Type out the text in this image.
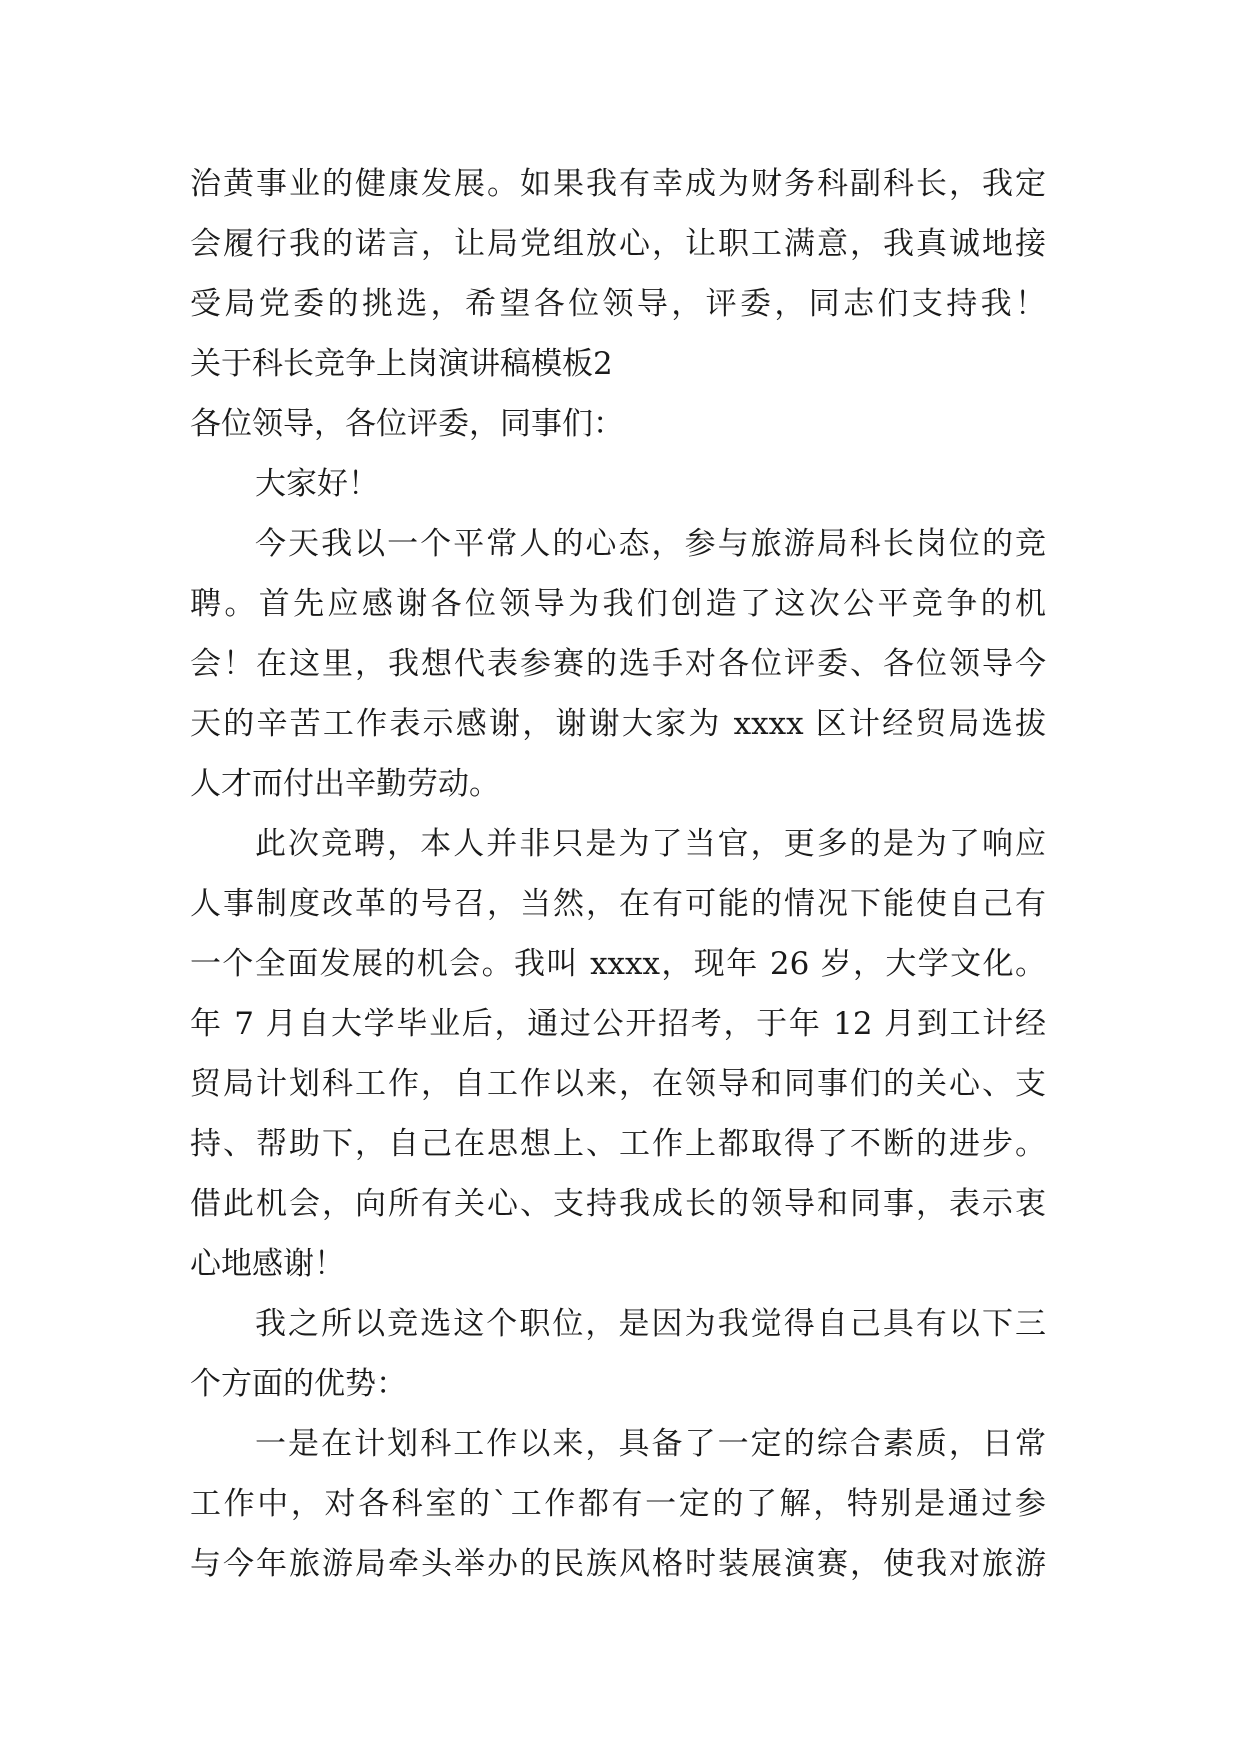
治黄事业的健康发展。如果我有幸成为财务科副科长，我定
会履行我的诺言，让局党组放心，让职工满意，我真诚地接
受局党委的挑选，希望各位领导，评委，同志们支持我！
关于科长竞争上岗演讲稿模板2
各位领导，各位评委，同事们：
大家好！
今天我以一个平常人的心态，参与旅游局科长岗位的竞
聘。首先应感谢各位领导为我们创造了这次公平竞争的机
会！在这里，我想代表参赛的选手对各位评委、各位领导今
天的辛苦工作表示感谢，谢谢大家为 xxxx 区计经贸局选拔
人才而付出辛勤劳动。
此次竞聘，本人并非只是为了当官，更多的是为了响应
人事制度改革的号召，当然，在有可能的情况下能使自己有
一个全面发展的机会。我叫 xxxx，现年 26 岁，大学文化。
年 7 月自大学毕业后，通过公开招考，于年 12 月到工计经
贸局计划科工作，自工作以来，在领导和同事们的关心、支
持、帮助下，自己在思想上、工作上都取得了不断的进步。
借此机会，向所有关心、支持我成长的领导和同事，表示衷
心地感谢！
我之所以竞选这个职位，是因为我觉得自己具有以下三
个方面的优势：
一是在计划科工作以来，具备了一定的综合素质，日常
工作中，对各科室的`工作都有一定的了解，特别是通过参
与今年旅游局牵头举办的民族风格时装展演赛，使我对旅游
